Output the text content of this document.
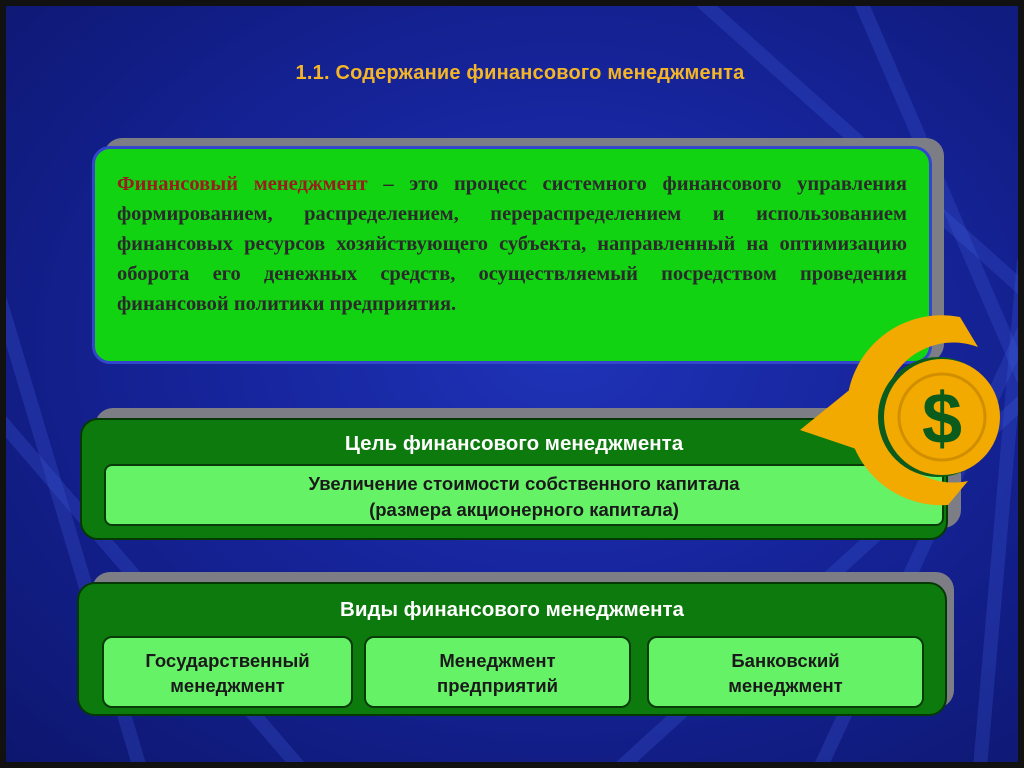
1.1. Содержание финансового менеджмента
Финансовый менеджмент – это процесс системного финансового управления формированием, распределением, перераспределением и использованием финансовых ресурсов хозяйствующего субъекта, направленный на оптимизацию оборота его денежных средств, осуществляемый посредством проведения финансовой политики предприятия.
Цель финансового менеджмента
Увеличение стоимости собственного капитала
(размера акционерного капитала)
Виды финансового менеджмента
Государственный
менеджмент
Менеджмент
предприятий
Банковский
менеджмент
$
